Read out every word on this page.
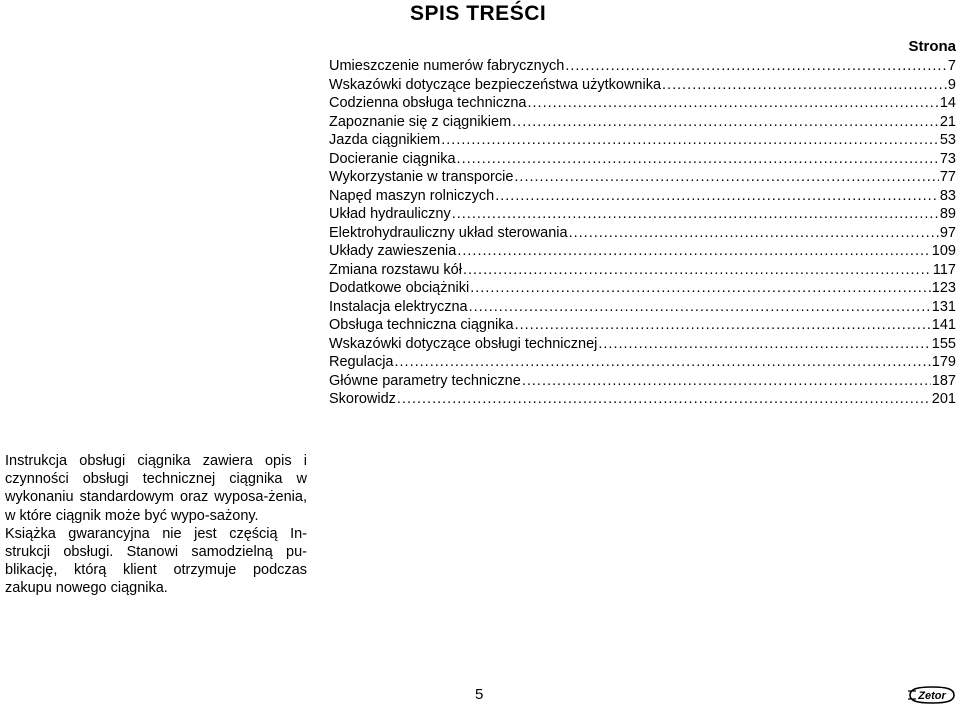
SPIS TREŚCI
Strona
Umieszczenie numerów fabrycznych .....	7
Wskazówki dotyczące bezpieczeństwa użytkownika .....	9
Codzienna obsługa techniczna .....	14
Zapoznanie się z ciągnikiem .....	21
Jazda ciągnikiem .....	53
Docieranie ciągnika .....	73
Wykorzystanie w transporcie .....	77
Napęd maszyn rolniczych .....	83
Układ hydrauliczny .....	89
Elektrohydrauliczny układ sterowania .....	97
Układy zawieszenia .....	109
Zmiana rozstawu kół .....	117
Dodatkowe obciążniki .....	123
Instalacja elektryczna .....	131
Obsługa techniczna ciągnika .....	141
Wskazówki dotyczące obsługi technicznej .....	155
Regulacja .....	179
Główne parametry techniczne .....	187
Skorowidz .....	201

Instrukcja obsługi ciągnika zawiera opis i czynności obsługi technicznej ciągnika w wykonaniu standardowym oraz wyposa-żenia, w które ciągnik może być wypo-sażony.

Książka gwarancyjna nie jest częścią In-strukcji obsługi. Stanowi samodzielną pu-blikację, którą klient otrzymuje podczas zakupu nowego ciągnika.

5	Zetor
